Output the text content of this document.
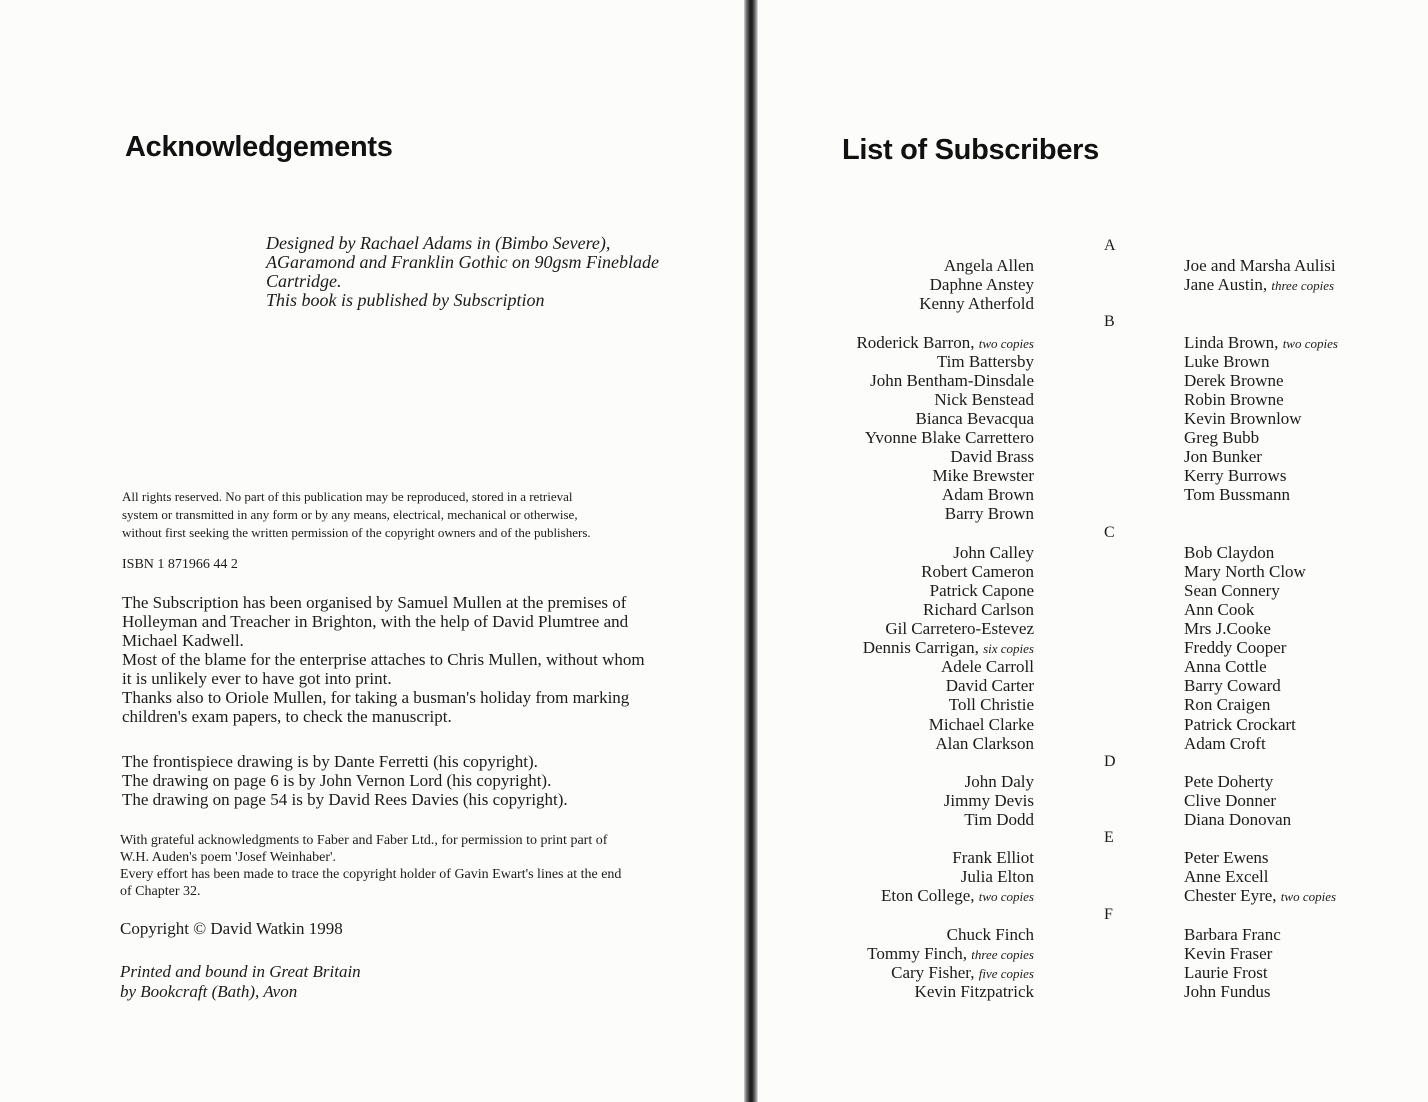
Acknowledgements
Designed by Rachael Adams in (Bimbo Severe),
AGaramond and Franklin Gothic on 90gsm Fineblade
Cartridge.
This book is published by Subscription
All rights reserved. No part of this publication may be reproduced, stored in a retrieval
system or transmitted in any form or by any means, electrical, mechanical or otherwise,
without first seeking the written permission of the copyright owners and of the publishers.
ISBN 1 871966 44 2
The Subscription has been organised by Samuel Mullen at the premises of
Holleyman and Treacher in Brighton, with the help of David Plumtree and
Michael Kadwell.
Most of the blame for the enterprise attaches to Chris Mullen, without whom
it is unlikely ever to have got into print.
Thanks also to Oriole Mullen, for taking a busman's holiday from marking
children's exam papers, to check the manuscript.
The frontispiece drawing is by Dante Ferretti (his copyright).
The drawing on page 6 is by John Vernon Lord (his copyright).
The drawing on page 54 is by David Rees Davies (his copyright).
With grateful acknowledgments to Faber and Faber Ltd., for permission to print part of
W.H. Auden's poem 'Josef Weinhaber'.
Every effort has been made to trace the copyright holder of Gavin Ewart's lines at the end
of Chapter 32.
Copyright © David Watkin 1998
Printed and bound in Great Britain
by Bookcraft (Bath), Avon
List of Subscribers
A
Angela Allen
Daphne Anstey
Kenny Atherfold
Joe and Marsha Aulisi
Jane Austin, three copies
B
Roderick Barron, two copies
Tim Battersby
John Bentham-Dinsdale
Nick Benstead
Bianca Bevacqua
Yvonne Blake Carrettero
David Brass
Mike Brewster
Adam Brown
Barry Brown
Linda Brown, two copies
Luke Brown
Derek Browne
Robin Browne
Kevin Brownlow
Greg Bubb
Jon Bunker
Kerry Burrows
Tom Bussmann
C
John Calley
Robert Cameron
Patrick Capone
Richard Carlson
Gil Carretero-Estevez
Dennis Carrigan, six copies
Adele Carroll
David Carter
Toll Christie
Michael Clarke
Alan Clarkson
Bob Claydon
Mary North Clow
Sean Connery
Ann Cook
Mrs J.Cooke
Freddy Cooper
Anna Cottle
Barry Coward
Ron Craigen
Patrick Crockart
Adam Croft
D
John Daly
Jimmy Devis
Tim Dodd
Pete Doherty
Clive Donner
Diana Donovan
E
Frank Elliot
Julia Elton
Eton College, two copies
Peter Ewens
Anne Excell
Chester Eyre, two copies
F
Chuck Finch
Tommy Finch, three copies
Cary Fisher, five copies
Kevin Fitzpatrick
Barbara Franc
Kevin Fraser
Laurie Frost
John Fundus
